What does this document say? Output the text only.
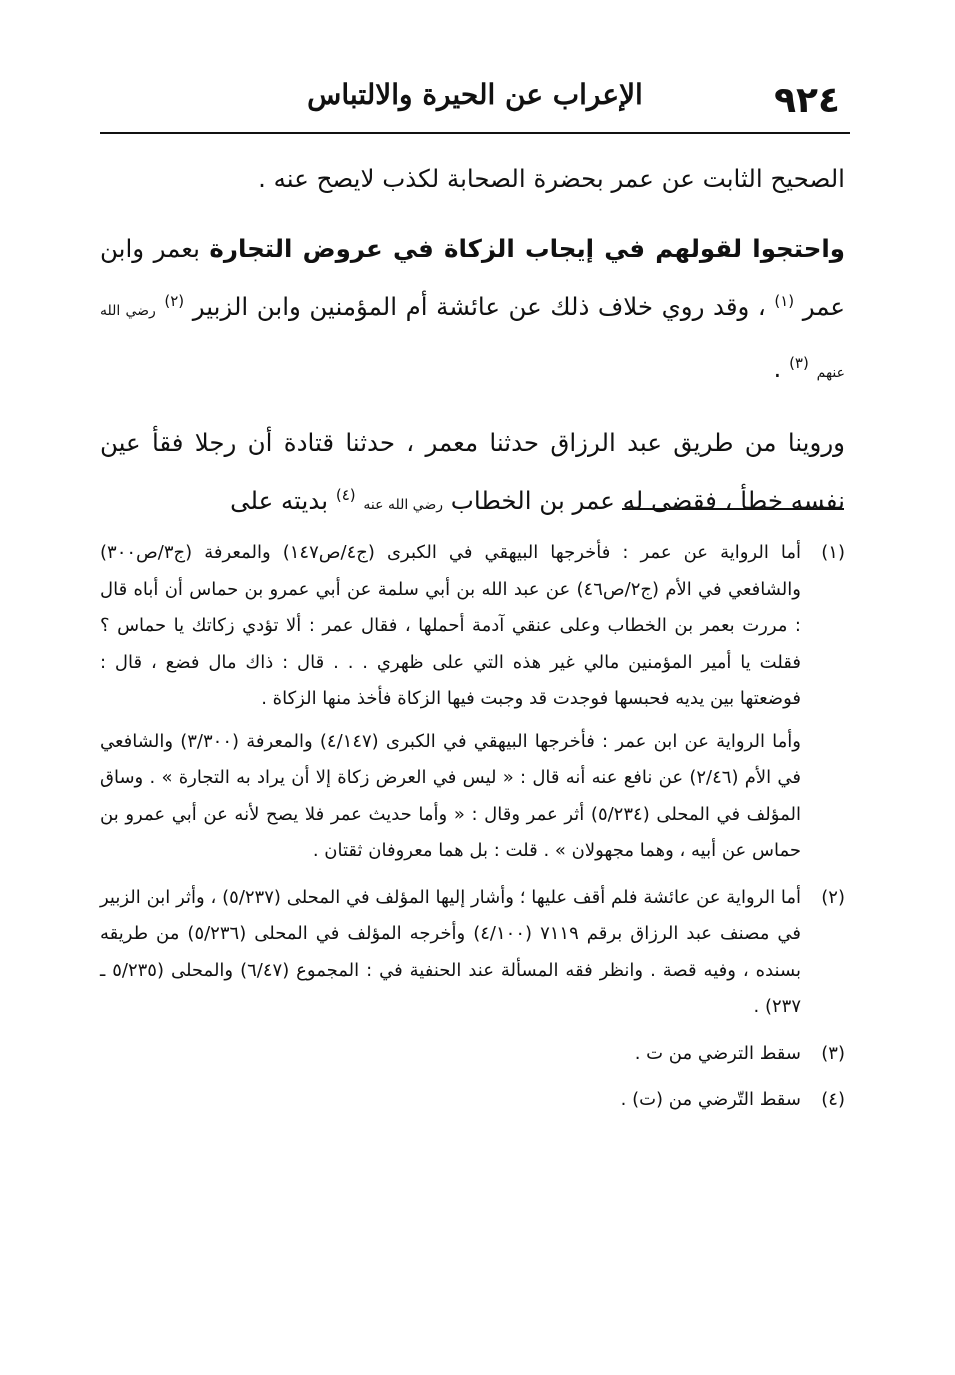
٩٢٤
الإعراب عن الحيرة والالتباس

الصحيح الثابت عن عمر بحضرة الصحابة لكذب لايصح عنه .

واحتجوا لقولهم في إيجاب الزكاة في عروض التجارة بعمر وابن عمر $^{(١)}$ ، وقد روي خلاف ذلك عن عائشة أم المؤمنين وابن الزبير $^{(٢)}$ رضي الله عنهم $^{(٣)}$ .

وروينا من طريق عبد الرزاق حدثنا معمر ، حدثنا قتادة أن رجلا فقأ عين نفسه خطأ ، فقضى له عمر بن الخطاب رضي الله عنه $^{(٤)}$ بديته على

(١)

أما الرواية عن عمر : فأخرجها البيهقي في الكبرى (ج٤/ص١٤٧) والمعرفة (ج٣/ص٣٠٠) والشافعي في الأم (ج٢/ص٤٦) عن عبد الله بن أبي سلمة عن أبي عمرو بن حماس أن أباه قال : مررت بعمر بن الخطاب وعلى عنقي آدمة أحملها ، فقال عمر : ألا تؤدي زكاتك يا حماس ؟ فقلت يا أمير المؤمنين مالي غير هذه التي على ظهري . . . قال : ذاك مال فضع ، قال : فوضعتها بين يديه فحبسها فوجدت قد وجبت فيها الزكاة فأخذ منها الزكاة .

وأما الرواية عن ابن عمر : فأخرجها البيهقي في الكبرى (٤/١٤٧) والمعرفة (٣/٣٠٠) والشافعي في الأم (٢/٤٦) عن نافع عنه أنه قال : « ليس في العرض زكاة إلا أن يراد به التجارة » . وساق المؤلف في المحلى (٥/٢٣٤) أثر عمر وقال : « وأما حديث عمر فلا يصح لأنه عن أبي عمرو بن حماس عن أبيه ، وهما مجهولان » . قلت : بل هما معروفان ثقتان .

(٢)

أما الرواية عن عائشة فلم أقف عليها ؛ وأشار إليها المؤلف في المحلى (٥/٢٣٧) ، وأثر ابن الزبير في مصنف عبد الرزاق برقم ٧١١٩ (٤/١٠٠) وأخرجه المؤلف في المحلى (٥/٢٣٦) من طريقه بسنده ، وفيه قصة . وانظر فقه المسألة عند الحنفية في : المجموع (٦/٤٧) والمحلى (٥/٢٣٥ ـ ٢٣٧) .

(٣)

سقط الترضي من ت .

(٤)

سقط التّرضي من (ت) .
